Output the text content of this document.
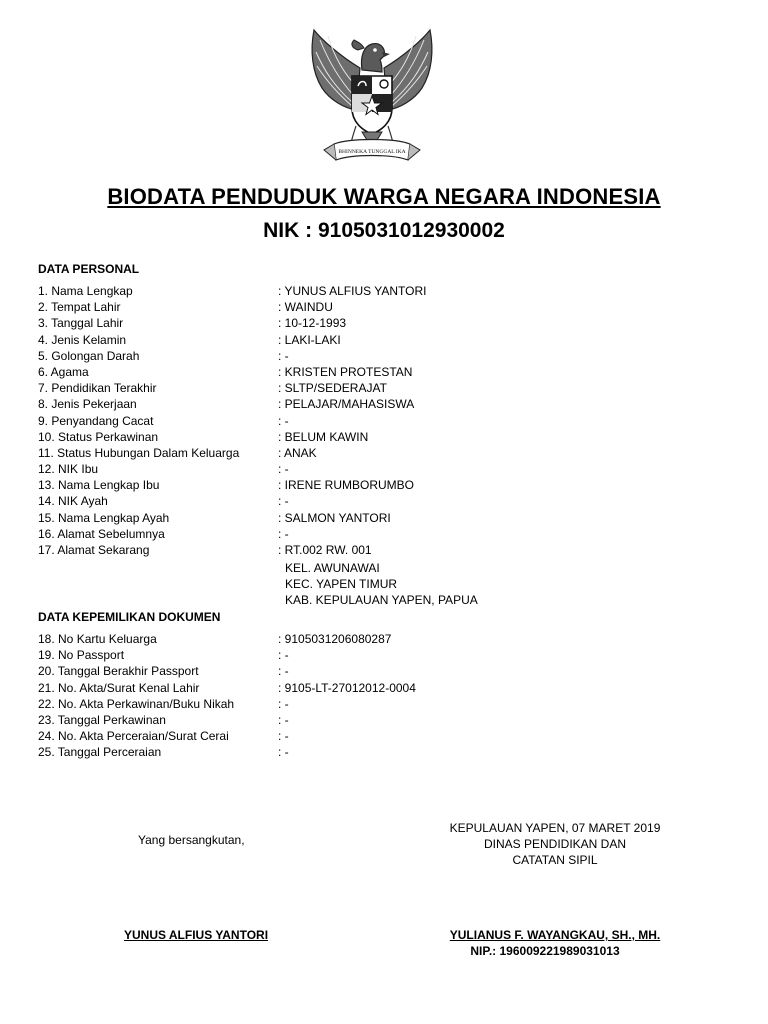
BHINNEKA TUNGGAL IKA
BIODATA PENDUDUK WARGA NEGARA INDONESIA
NIK : 9105031012930002
DATA PERSONAL
1. Nama Lengkap	: YUNUS ALFIUS YANTORI
2. Tempat Lahir	: WAINDU
3. Tanggal Lahir	: 10-12-1993
4. Jenis Kelamin	: LAKI-LAKI
5. Golongan Darah	: -
6. Agama	: KRISTEN PROTESTAN
7. Pendidikan Terakhir	: SLTP/SEDERAJAT
8. Jenis Pekerjaan	: PELAJAR/MAHASISWA
9. Penyandang Cacat	: -
10. Status Perkawinan	: BELUM KAWIN
11. Status Hubungan Dalam Keluarga	: ANAK
12. NIK Ibu	: -
13. Nama Lengkap Ibu	: IRENE RUMBORUMBO
14. NIK Ayah	: -
15. Nama Lengkap Ayah	: SALMON YANTORI
16. Alamat Sebelumnya	: -
17. Alamat Sekarang	: RT.002 RW. 001
KEL. AWUNAWAI
KEC. YAPEN TIMUR
KAB. KEPULAUAN YAPEN, PAPUA
DATA KEPEMILIKAN DOKUMEN
18. No Kartu Keluarga	: 9105031206080287
19. No Passport	: -
20. Tanggal Berakhir Passport	: -
21. No. Akta/Surat Kenal Lahir	: 9105-LT-27012012-0004
22. No. Akta Perkawinan/Buku Nikah	: -
23. Tanggal Perkawinan	: -
24. No. Akta Perceraian/Surat Cerai	: -
25. Tanggal Perceraian	: -
Yang bersangkutan,
KEPULAUAN YAPEN, 07 MARET 2019
DINAS PENDIDIKAN DAN
CATATAN SIPIL
YUNUS ALFIUS YANTORI	YULIANUS F. WAYANGKAU, SH., MH.
NIP.: 196009221989031013
